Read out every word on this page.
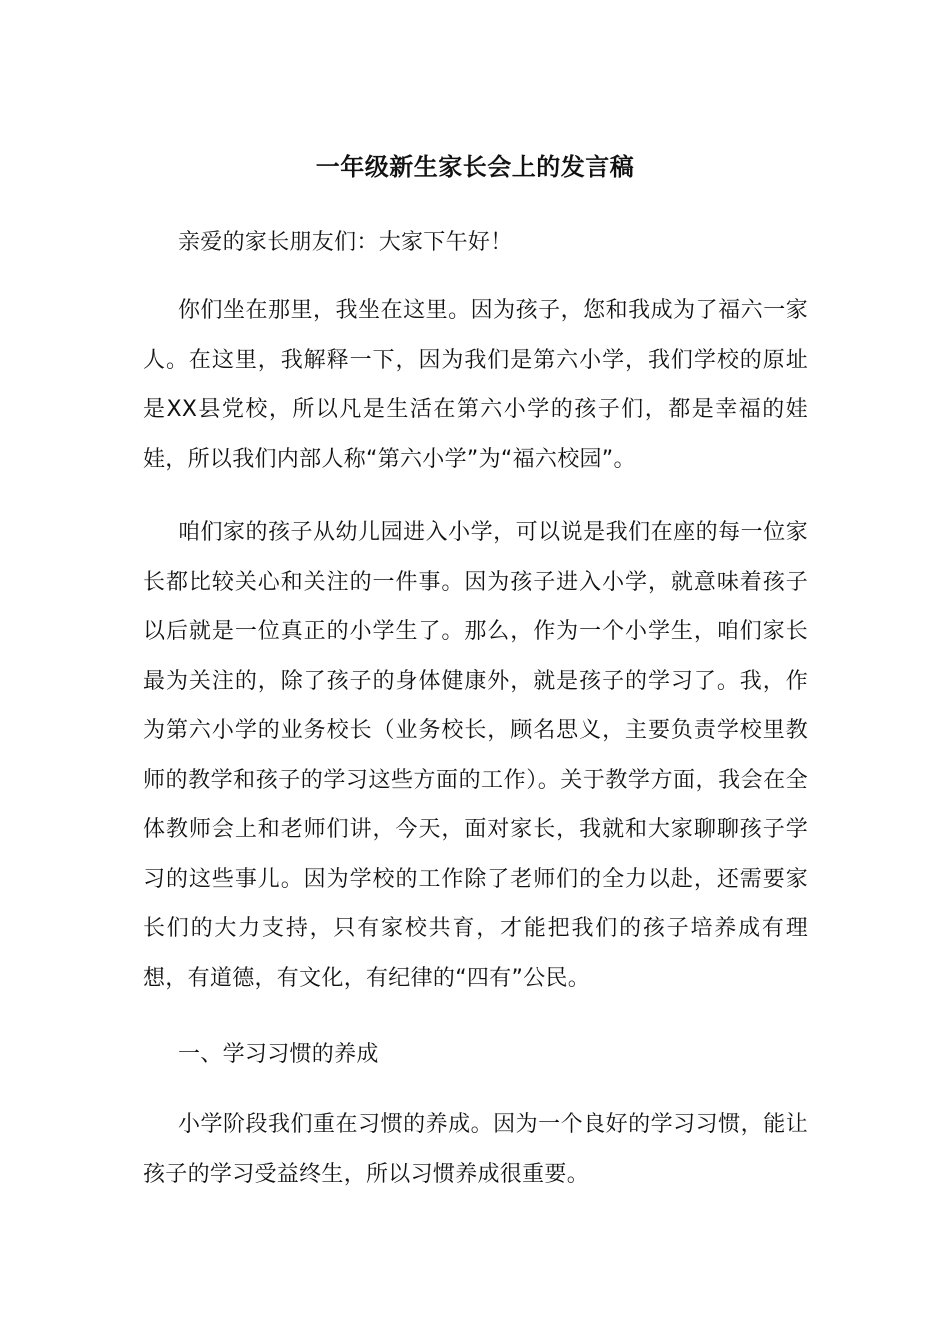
一年级新生家长会上的发言稿
亲爱的家长朋友们：大家下午好！
你们坐在那里，我坐在这里。因为孩子，您和我成为了福六一家人。在这里，我解释一下，因为我们是第六小学，我们学校的原址是XX县党校，所以凡是生活在第六小学的孩子们，都是幸福的娃娃，所以我们内部人称“第六小学”为“福六校园”。
咱们家的孩子从幼儿园进入小学，可以说是我们在座的每一位家长都比较关心和关注的一件事。因为孩子进入小学，就意味着孩子以后就是一位真正的小学生了。那么，作为一个小学生，咱们家长最为关注的，除了孩子的身体健康外，就是孩子的学习了。我，作为第六小学的业务校长（业务校长，顾名思义，主要负责学校里教师的教学和孩子的学习这些方面的工作）。关于教学方面，我会在全体教师会上和老师们讲，今天，面对家长，我就和大家聊聊孩子学习的这些事儿。因为学校的工作除了老师们的全力以赴，还需要家长们的大力支持，只有家校共育，才能把我们的孩子培养成有理想，有道德，有文化，有纪律的“四有”公民。
一、学习习惯的养成
小学阶段我们重在习惯的养成。因为一个良好的学习习惯，能让孩子的学习受益终生，所以习惯养成很重要。
